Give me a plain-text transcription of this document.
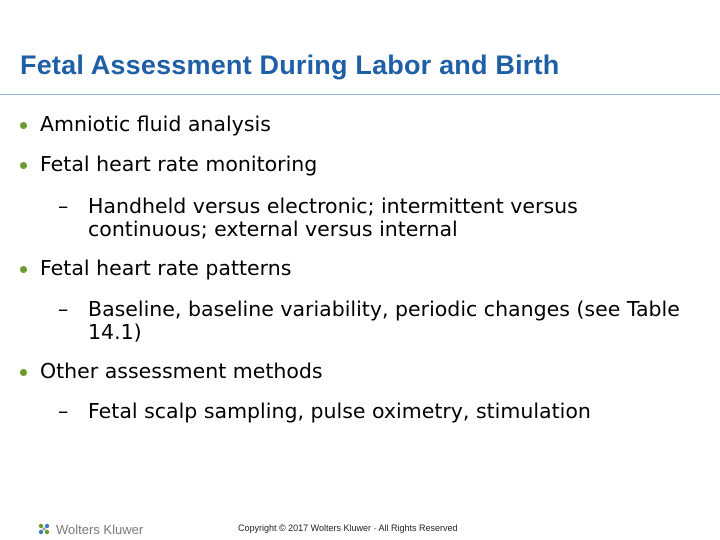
Fetal Assessment During Labor and Birth
Amniotic fluid analysis
Fetal heart rate monitoring
– Handheld versus electronic; intermittent versus continuous; external versus internal
Fetal heart rate patterns
– Baseline, baseline variability, periodic changes (see Table 14.1)
Other assessment methods
– Fetal scalp sampling, pulse oximetry, stimulation
Wolters Kluwer	Copyright © 2017 Wolters Kluwer · All Rights Reserved
